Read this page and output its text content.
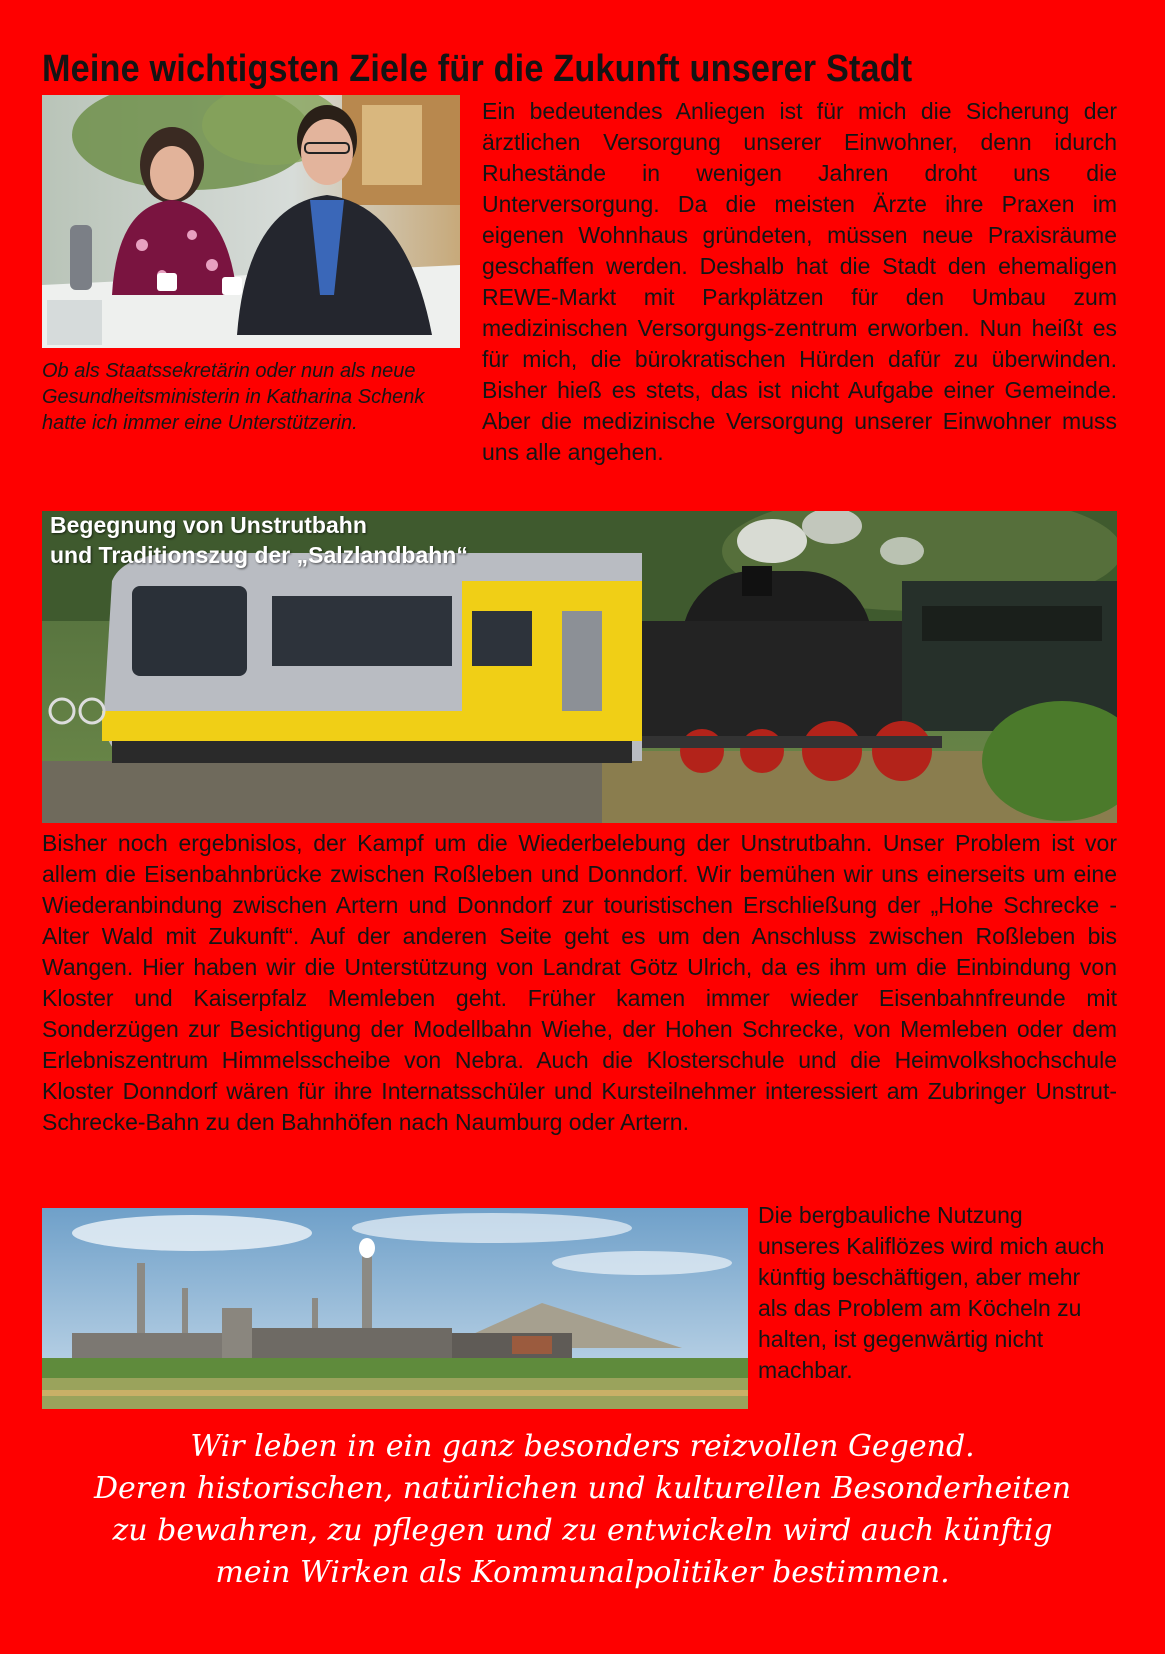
Meine wichtigsten Ziele für die Zukunft unserer Stadt
Ob als Staatssekretärin oder nun als neue Gesundheitsministerin in Katharina Schenk hatte ich immer eine Unterstützerin.
Ein bedeutendes Anliegen ist für mich die Sicherung der ärztlichen Versorgung unserer Einwohner, denn idurch Ruhestände in wenigen Jahren droht uns die Unterversorgung. Da die meisten Ärzte ihre Praxen im eigenen Wohnhaus gründeten, müssen neue Praxisräume geschaffen werden. Deshalb hat die Stadt den ehemaligen REWE-Markt mit Parkplätzen für den Umbau zum medizinischen Versorgungs-zentrum erworben. Nun heißt es für mich, die bürokratischen Hürden dafür zu überwinden. Bisher hieß es stets, das ist nicht Aufgabe einer Gemeinde. Aber die medizinische Versorgung unserer Einwohner muss uns alle angehen.
Begegnung von Unstrutbahn
und Traditionszug der „Salzlandbahn“
Bisher noch ergebnislos, der Kampf um die Wiederbelebung der Unstrutbahn. Unser Problem ist vor allem die Eisenbahnbrücke zwischen Roßleben und Donndorf. Wir bemühen wir uns einerseits um eine Wiederanbindung zwischen Artern und Donndorf zur touristischen Erschließung der „Hohe Schrecke - Alter Wald mit Zukunft“. Auf der anderen Seite geht es um den Anschluss zwischen Roßleben bis Wangen. Hier haben wir die Unterstützung von Landrat Götz Ulrich, da es ihm um die Einbindung von Kloster und Kaiserpfalz Memleben geht. Früher kamen immer wieder Eisenbahnfreunde mit Sonderzügen zur Besichtigung der Modellbahn Wiehe, der Hohen Schrecke, von Memleben oder dem Erlebniszentrum Himmelsscheibe von Nebra. Auch die Klosterschule und die Heimvolkshochschule Kloster Donndorf wären für ihre Internatsschüler und Kursteilnehmer interessiert am Zubringer Unstrut-Schrecke-Bahn zu den Bahnhöfen nach Naumburg oder Artern.
Die bergbauliche Nutzung unseres Kaliflözes wird mich auch künftig beschäftigen, aber mehr als das Problem am Köcheln zu halten, ist gegenwärtig nicht machbar.
Wir leben in ein ganz besonders reizvollen Gegend.
Deren historischen, natürlichen und kulturellen Besonderheiten
zu bewahren, zu pflegen und zu entwickeln wird auch künftig
mein Wirken als Kommunalpolitiker bestimmen.
